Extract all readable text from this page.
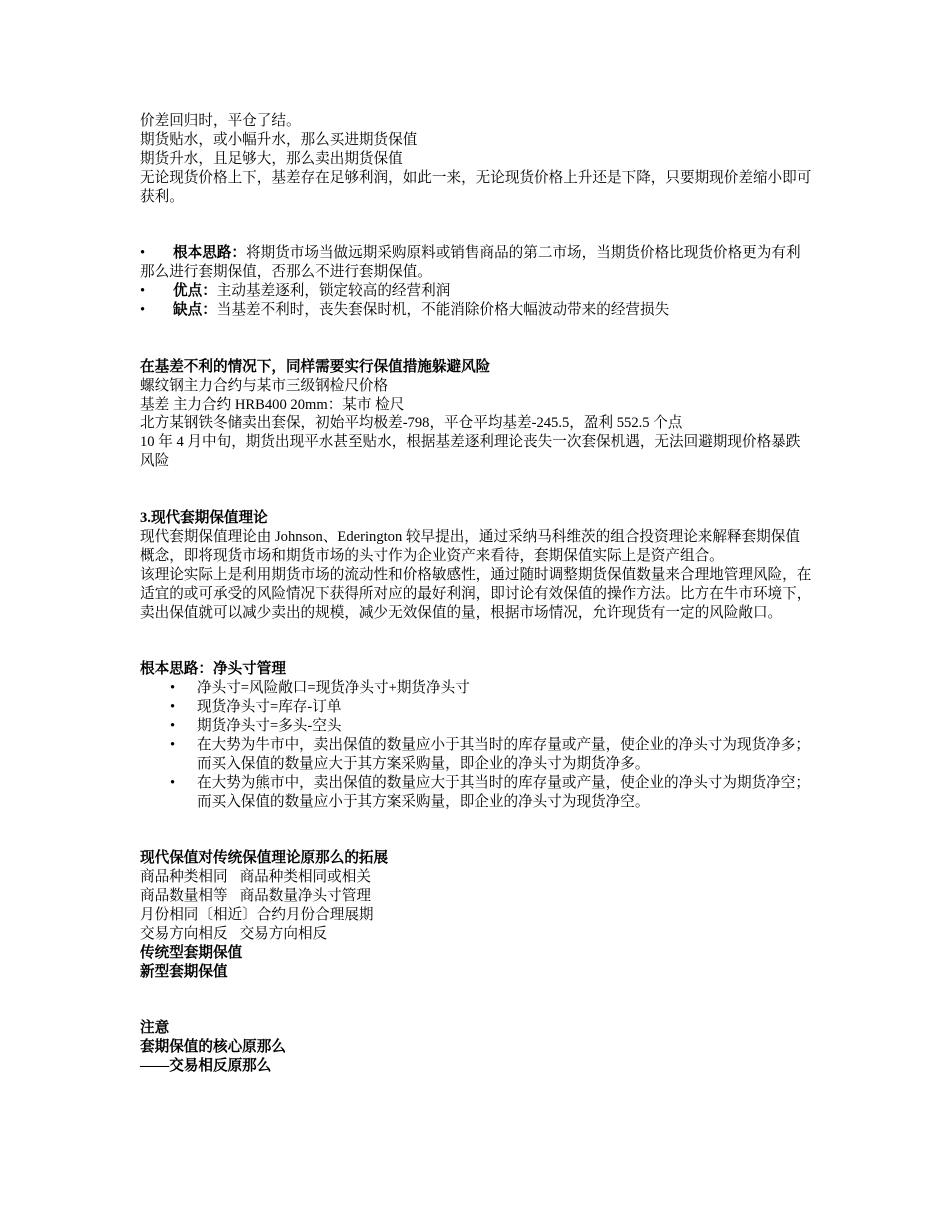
价差回归时，平仓了结。
期货贴水，或小幅升水，那么买进期货保值
期货升水，且足够大，那么卖出期货保值
无论现货价格上下，基差存在足够利润，如此一来，无论现货价格上升还是下降，只要期现价差缩小即可获利。
• 根本思路：将期货市场当做远期采购原料或销售商品的第二市场，当期货价格比现货价格更为有利那么进行套期保值，否那么不进行套期保值。
• 优点：主动基差逐利，锁定较高的经营利润
• 缺点：当基差不利时，丧失套保时机，不能消除价格大幅波动带来的经营损失
在基差不利的情况下，同样需要实行保值措施躲避风险
螺纹钢主力合约与某市三级钢检尺价格
基差 主力合约 HRB400 20mm：某市 检尺
北方某钢铁冬储卖出套保，初始平均极差-798，平仓平均基差-245.5，盈利 552.5 个点
10 年 4 月中旬，期货出现平水甚至贴水，根据基差逐利理论丧失一次套保机遇，无法回避期现价格暴跌风险
3.现代套期保值理论
现代套期保值理论由 Johnson、Ederington 较早提出，通过采纳马科维茨的组合投资理论来解释套期保值概念，即将现货市场和期货市场的头寸作为企业资产来看待，套期保值实际上是资产组合。
该理论实际上是利用期货市场的流动性和价格敏感性，通过随时调整期货保值数量来合理地管理风险，在适宜的或可承受的风险情况下获得所对应的最好利润，即讨论有效保值的操作方法。比方在牛市环境下，卖出保值就可以减少卖出的规模，减少无效保值的量，根据市场情况，允许现货有一定的风险敞口。
根本思路：净头寸管理
• 净头寸=风险敞口=现货净头寸+期货净头寸
• 现货净头寸=库存-订单
• 期货净头寸=多头-空头
• 在大势为牛市中，卖出保值的数量应小于其当时的库存量或产量，使企业的净头寸为现货净多；而买入保值的数量应大于其方案采购量，即企业的净头寸为期货净多。
• 在大势为熊市中，卖出保值的数量应大于其当时的库存量或产量，使企业的净头寸为期货净空；而买入保值的数量应小于其方案采购量，即企业的净头寸为现货净空。
现代保值对传统保值理论原那么的拓展
商品种类相同 商品种类相同或相关
商品数量相等 商品数量净头寸管理
月份相同〔相近〕合约月份合理展期
交易方向相反 交易方向相反
传统型套期保值
新型套期保值
注意
套期保值的核心原那么
——交易相反原那么
